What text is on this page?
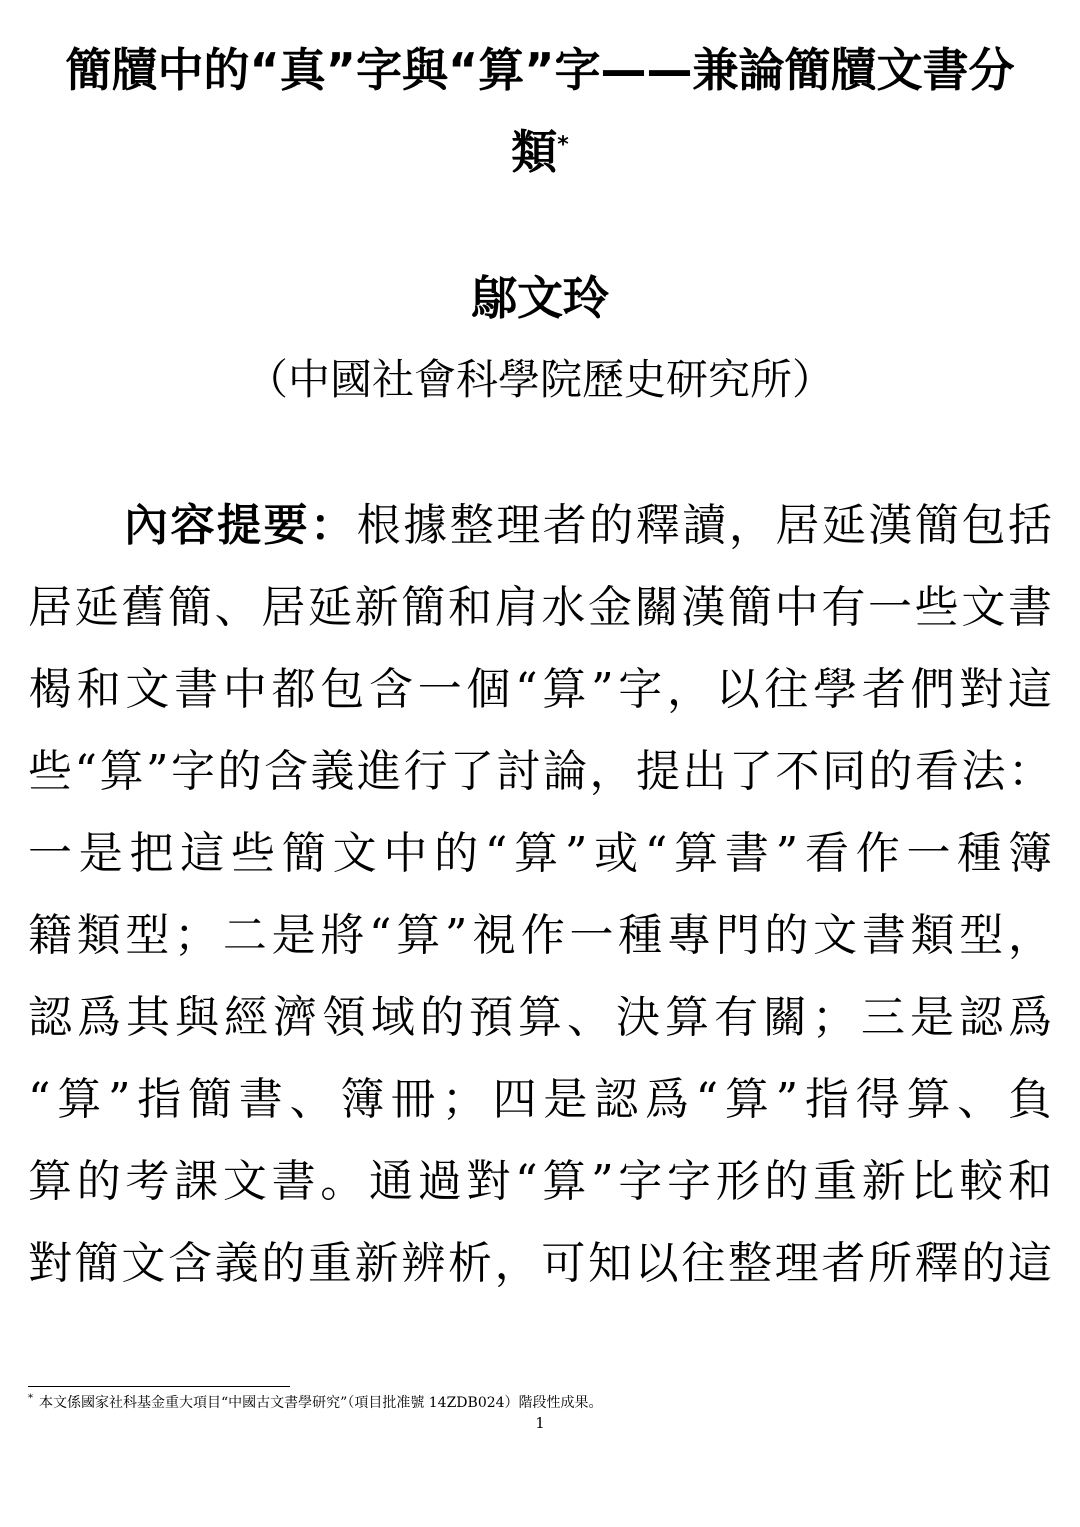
簡牘中的“真”字與“算”字——兼論簡牘文書分
類*
鄔文玲
（中國社會科學院歷史研究所）
內容提要：根據整理者的釋讀，居延漢簡包括
居延舊簡、居延新簡和肩水金關漢簡中有一些文書
楬和文書中都包含一個“算”字，以往學者們對這
些“算”字的含義進行了討論，提出了不同的看法：
一是把這些簡文中的“算”或“算書”看作一種簿
籍類型；二是將“算”視作一種專門的文書類型，
認爲其與經濟領域的預算、決算有關；三是認爲
“算”指簡書、簿冊；四是認爲“算”指得算、負
算的考課文書。通過對“算”字字形的重新比較和
對簡文含義的重新辨析，可知以往整理者所釋的這
* 本文係國家社科基金重大項目“中國古文書學研究”（項目批准號 14ZDB024）階段性成果。
1
